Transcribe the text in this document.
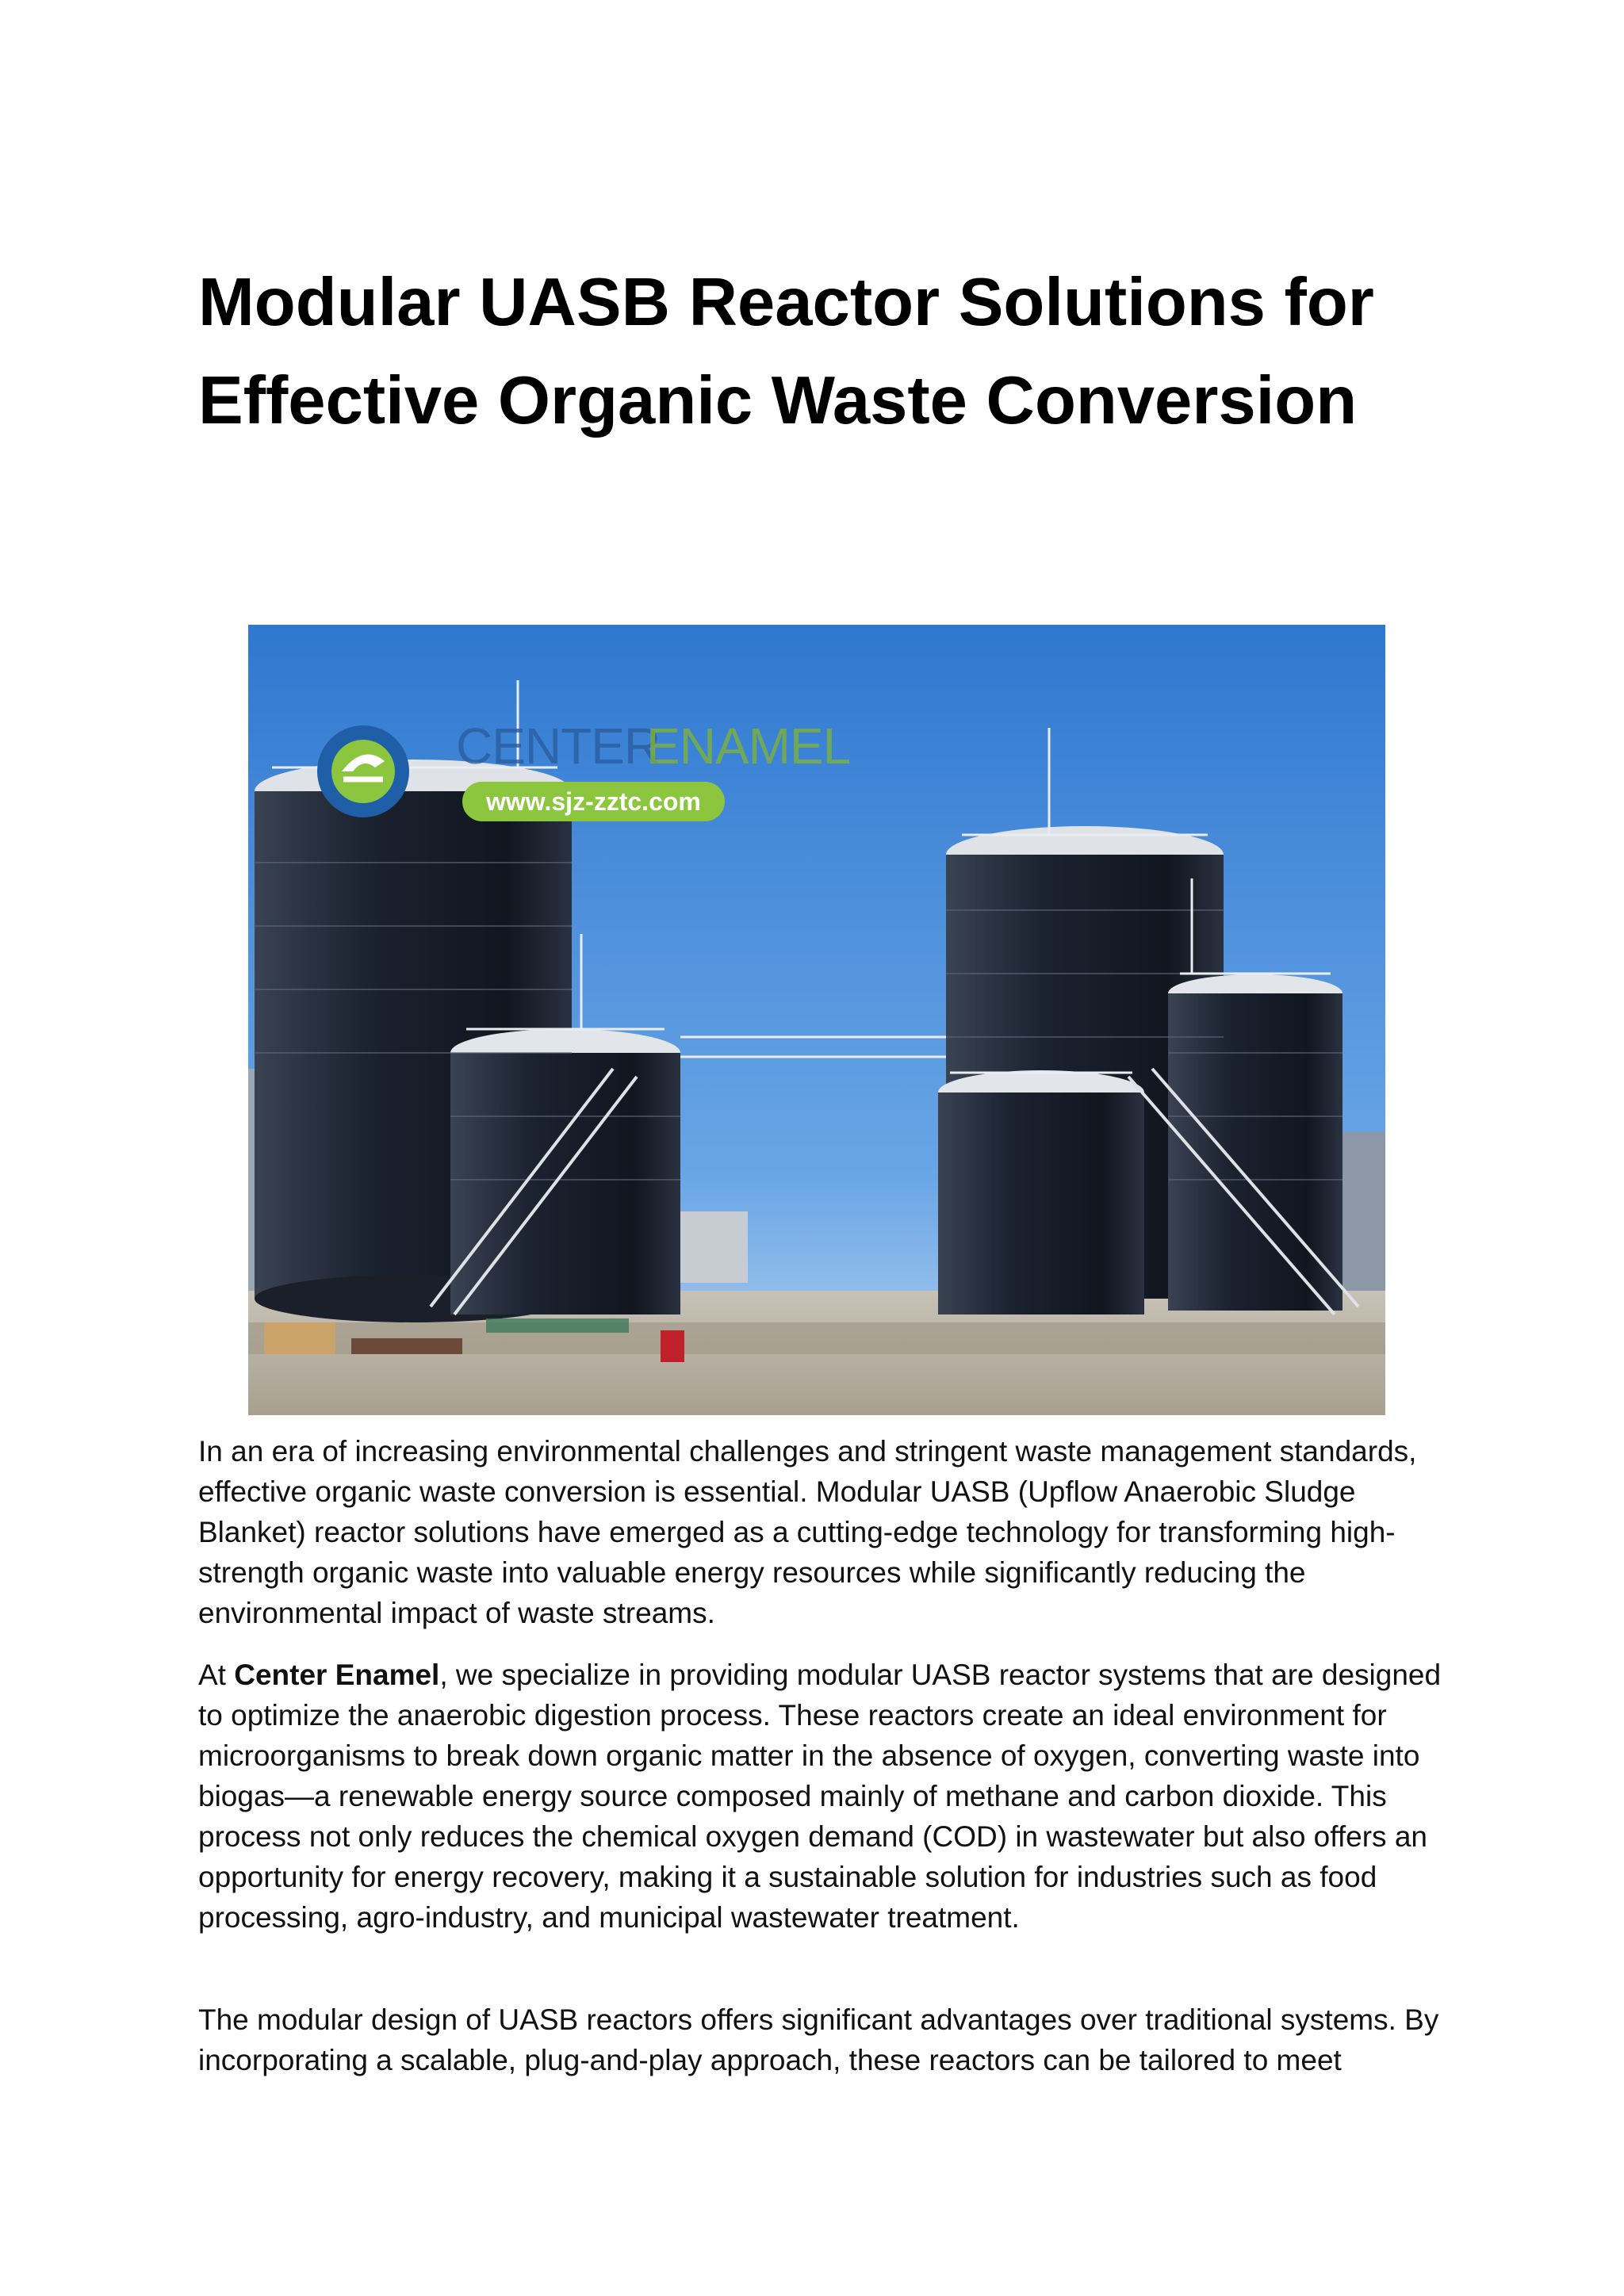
Modular UASB Reactor Solutions for Effective Organic Waste Conversion
CENTER
ENAMEL
www.sjz-zztc.com

In an era of increasing environmental challenges and stringent waste management standards, effective organic waste conversion is essential. Modular UASB (Upflow Anaerobic Sludge Blanket) reactor solutions have emerged as a cutting-edge technology for transforming high-strength organic waste into valuable energy resources while significantly reducing the environmental impact of waste streams.

At Center Enamel, we specialize in providing modular UASB reactor systems that are designed to optimize the anaerobic digestion process. These reactors create an ideal environment for microorganisms to break down organic matter in the absence of oxygen, converting waste into biogas—a renewable energy source composed mainly of methane and carbon dioxide. This process not only reduces the chemical oxygen demand (COD) in wastewater but also offers an opportunity for energy recovery, making it a sustainable solution for industries such as food processing, agro-industry, and municipal wastewater treatment.

The modular design of UASB reactors offers significant advantages over traditional systems. By incorporating a scalable, plug-and-play approach, these reactors can be tailored to meet
